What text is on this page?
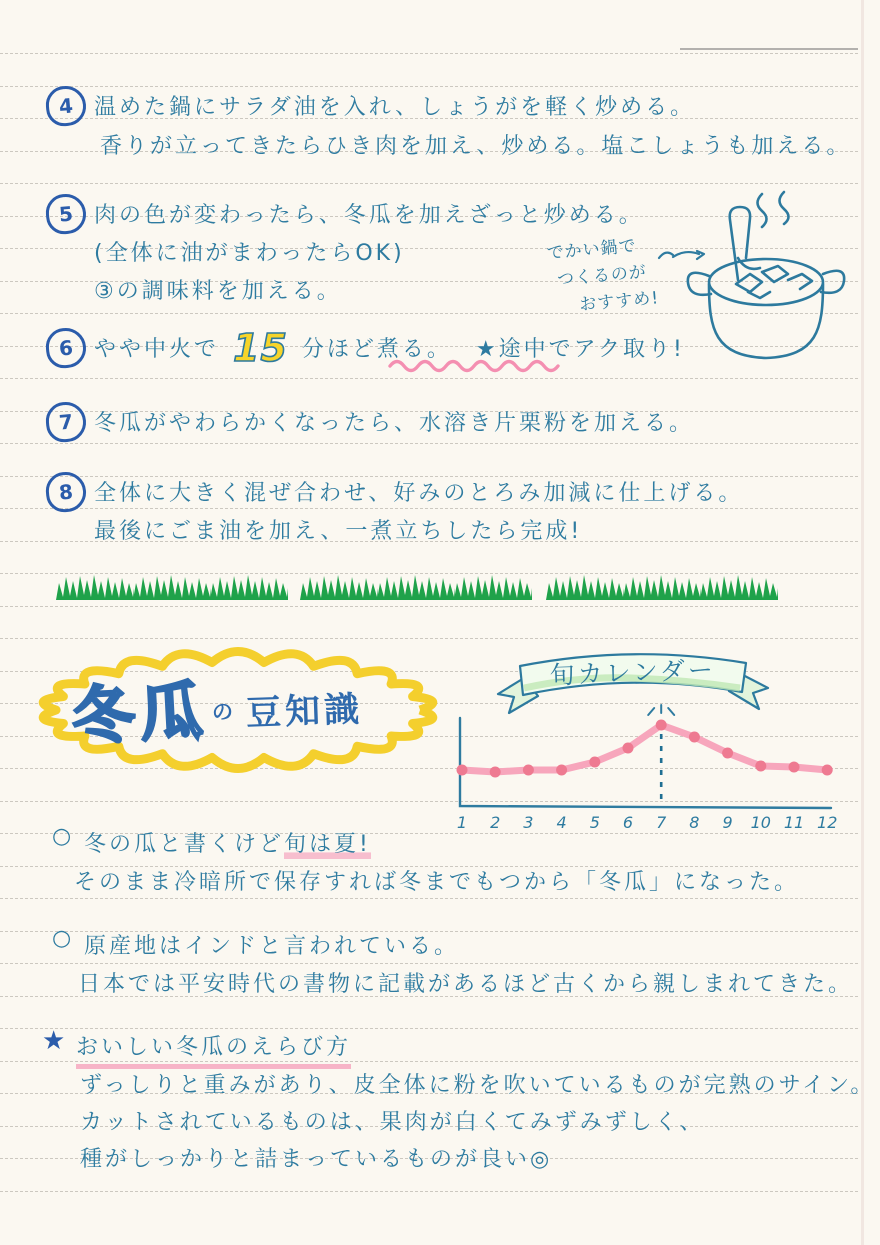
4 温めた鍋にサラダ油を入れ、しょうがを軽く炒める。
香りが立ってきたらひき肉を加え、炒める。塩こしょうも加える。
5 肉の色が変わったら、冬瓜を加えざっと炒める。
(全体に油がまわったらOK)
③の調味料を加える。
でかい鍋で
つくるのが
おすすめ!
6 やや中火で 15 分ほど煮る。 ★途中でアク取り!
7 冬瓜がやわらかくなったら、水溶き片栗粉を加える。
8 全体に大きく混ぜ合わせ、好みのとろみ加減に仕上げる。
最後にごま油を加え、一煮立ちしたら完成!
冬瓜 の 豆知識
旬カレンダー
1 2 3 4 5 6 7 8 9 10 11 12
○ 冬の瓜と書くけど旬は夏!
そのまま冷暗所で保存すれば冬までもつから「冬瓜」になった。
○ 原産地はインドと言われている。
日本では平安時代の書物に記載があるほど古くから親しまれてきた。
★ おいしい冬瓜のえらび方
ずっしりと重みがあり、皮全体に粉を吹いているものが完熟のサイン。
カットされているものは、果肉が白くてみずみずしく、
種がしっかりと詰まっているものが良い◎
